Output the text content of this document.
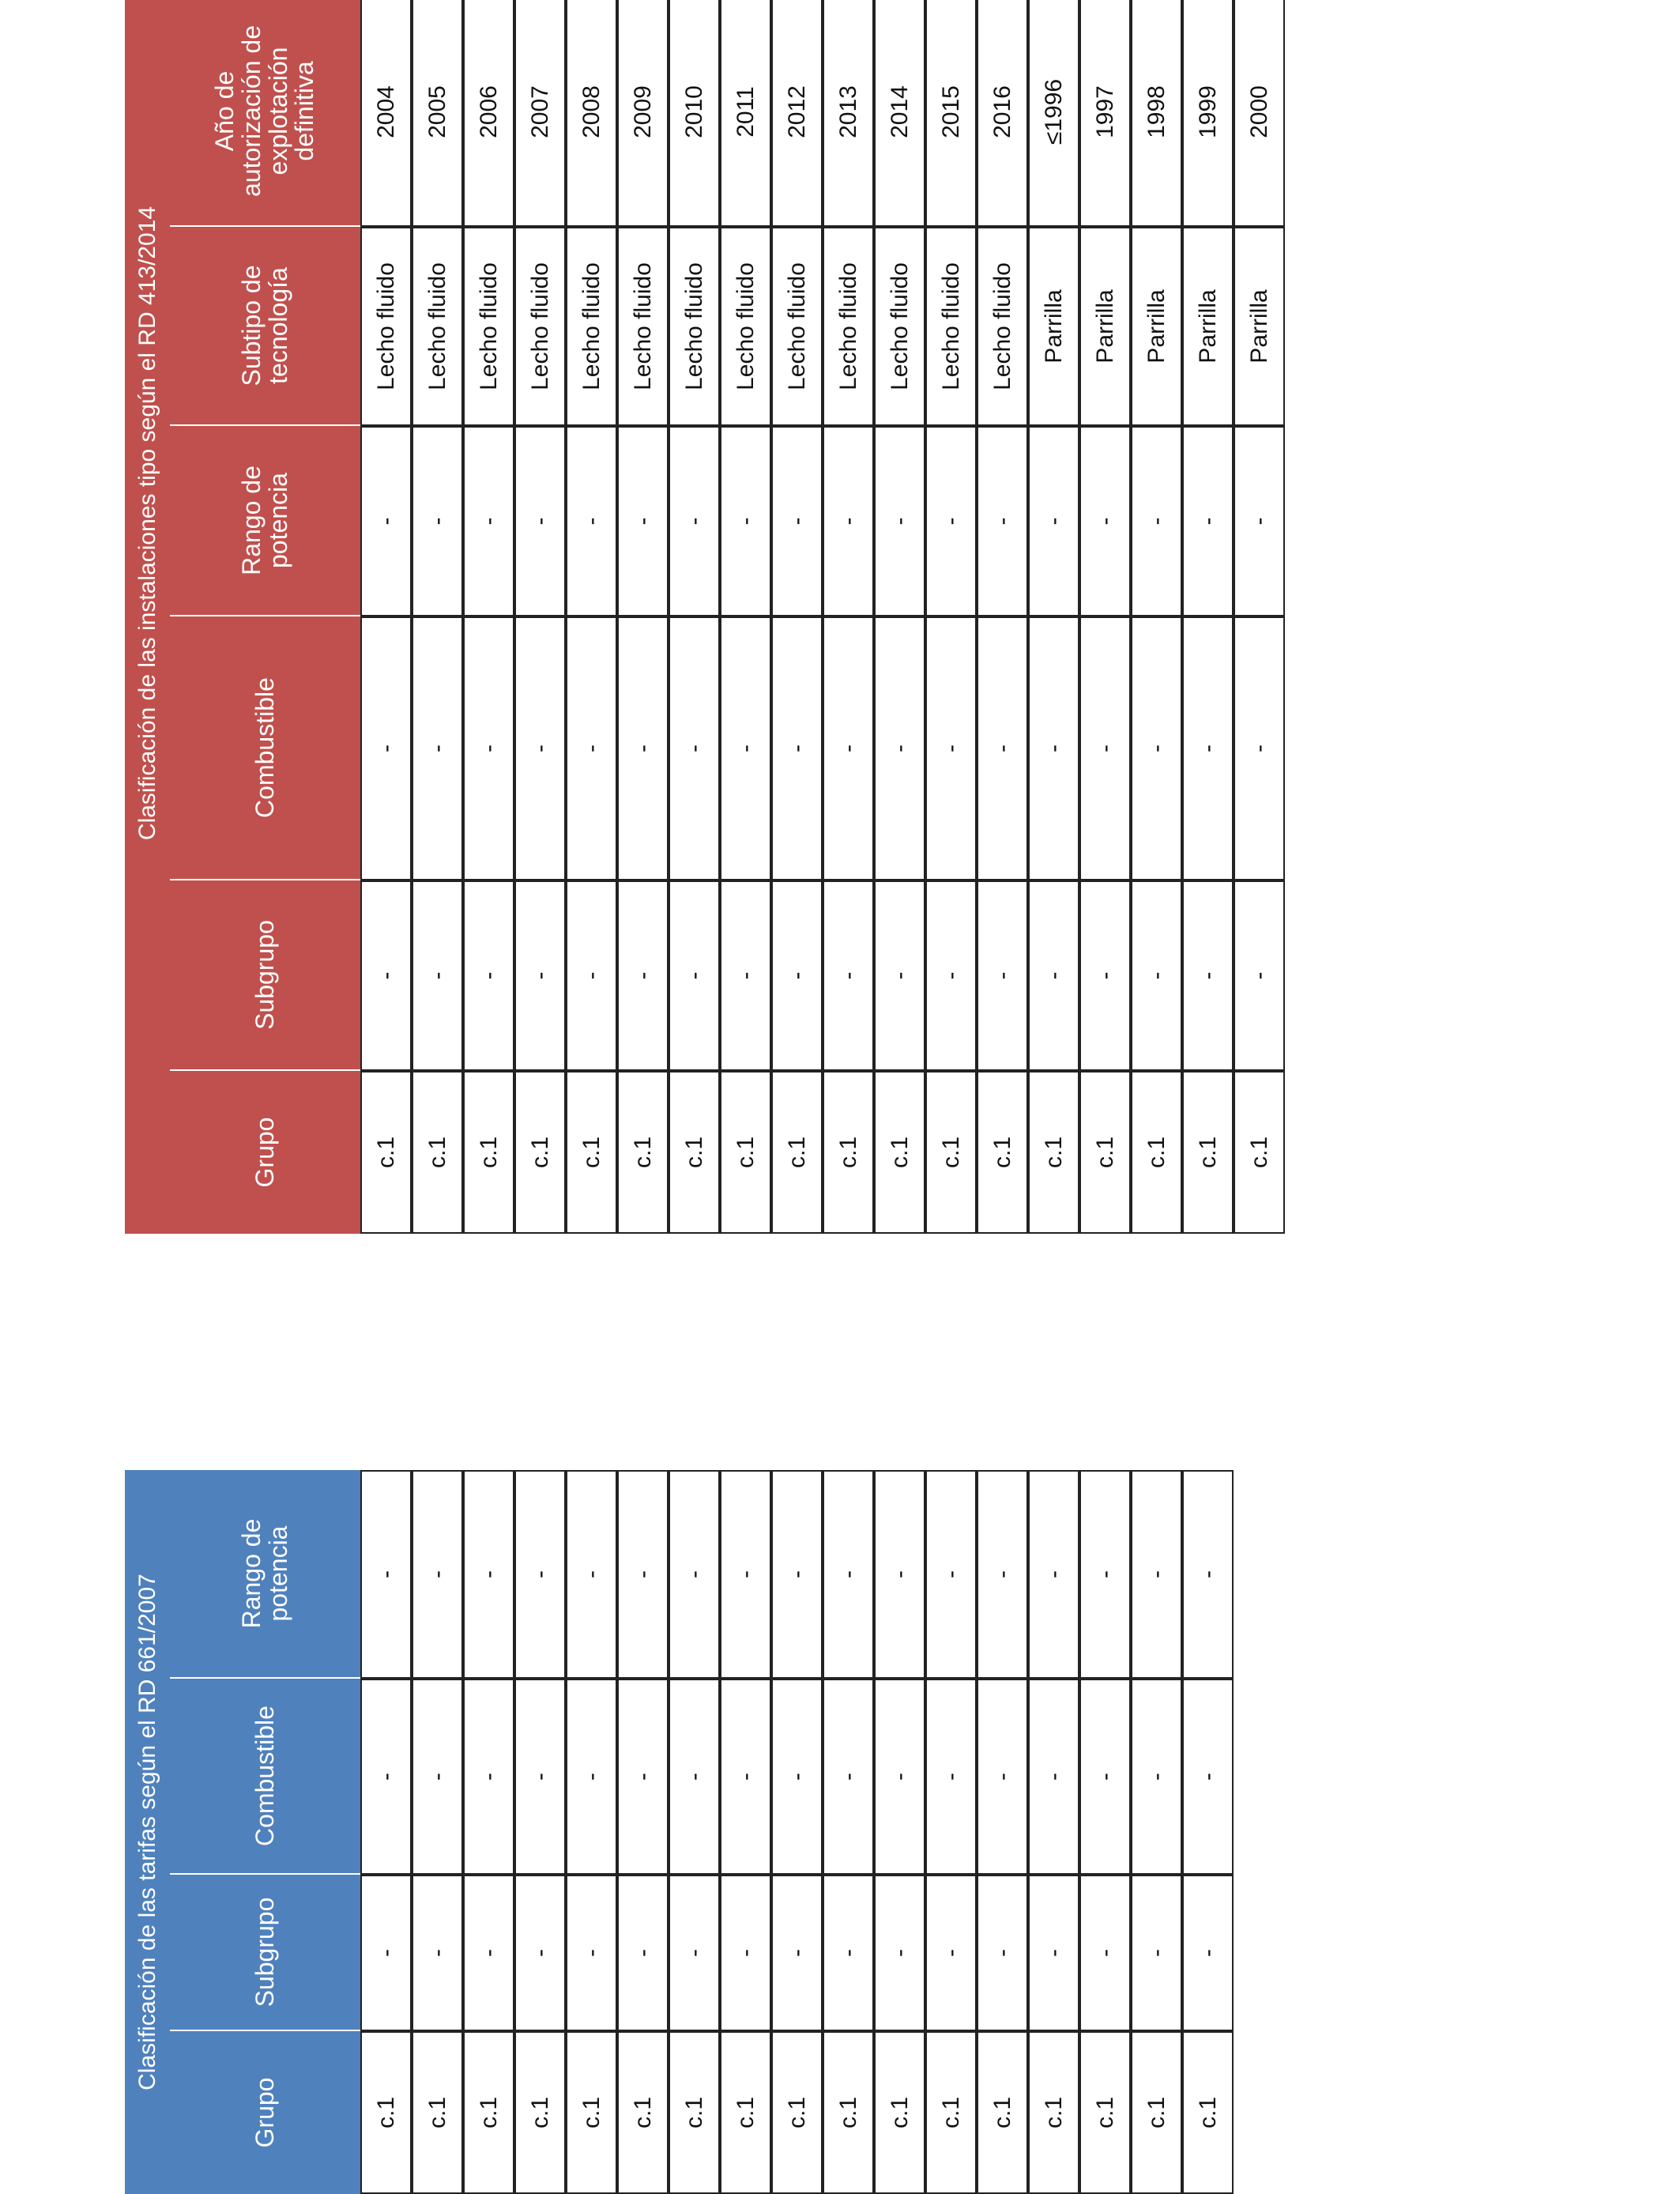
Clasificación de las tarifas según el RD 661/2007
Grupo
Subgrupo
Combustible
Rango de
potencia
c.1
-
-
-
c.1
-
-
-
c.1
-
-
-
c.1
-
-
-
c.1
-
-
-
c.1
-
-
-
c.1
-
-
-
c.1
-
-
-
c.1
-
-
-
c.1
-
-
-
c.1
-
-
-
c.1
-
-
-
c.1
-
-
-
c.1
-
-
-
c.1
-
-
-
c.1
-
-
-
c.1
-
-
-
Clasificación de las instalaciones tipo según el RD 413/2014
Grupo
Subgrupo
Combustible
Rango de
potencia
Subtipo de
tecnología
Año de
autorización de
explotación
definitiva
c.1
-
-
-
Lecho fluido
2004
c.1
-
-
-
Lecho fluido
2005
c.1
-
-
-
Lecho fluido
2006
c.1
-
-
-
Lecho fluido
2007
c.1
-
-
-
Lecho fluido
2008
c.1
-
-
-
Lecho fluido
2009
c.1
-
-
-
Lecho fluido
2010
c.1
-
-
-
Lecho fluido
2011
c.1
-
-
-
Lecho fluido
2012
c.1
-
-
-
Lecho fluido
2013
c.1
-
-
-
Lecho fluido
2014
c.1
-
-
-
Lecho fluido
2015
c.1
-
-
-
Lecho fluido
2016
c.1
-
-
-
Parrilla
≤1996
c.1
-
-
-
Parrilla
1997
c.1
-
-
-
Parrilla
1998
c.1
-
-
-
Parrilla
1999
c.1
-
-
-
Parrilla
2000
